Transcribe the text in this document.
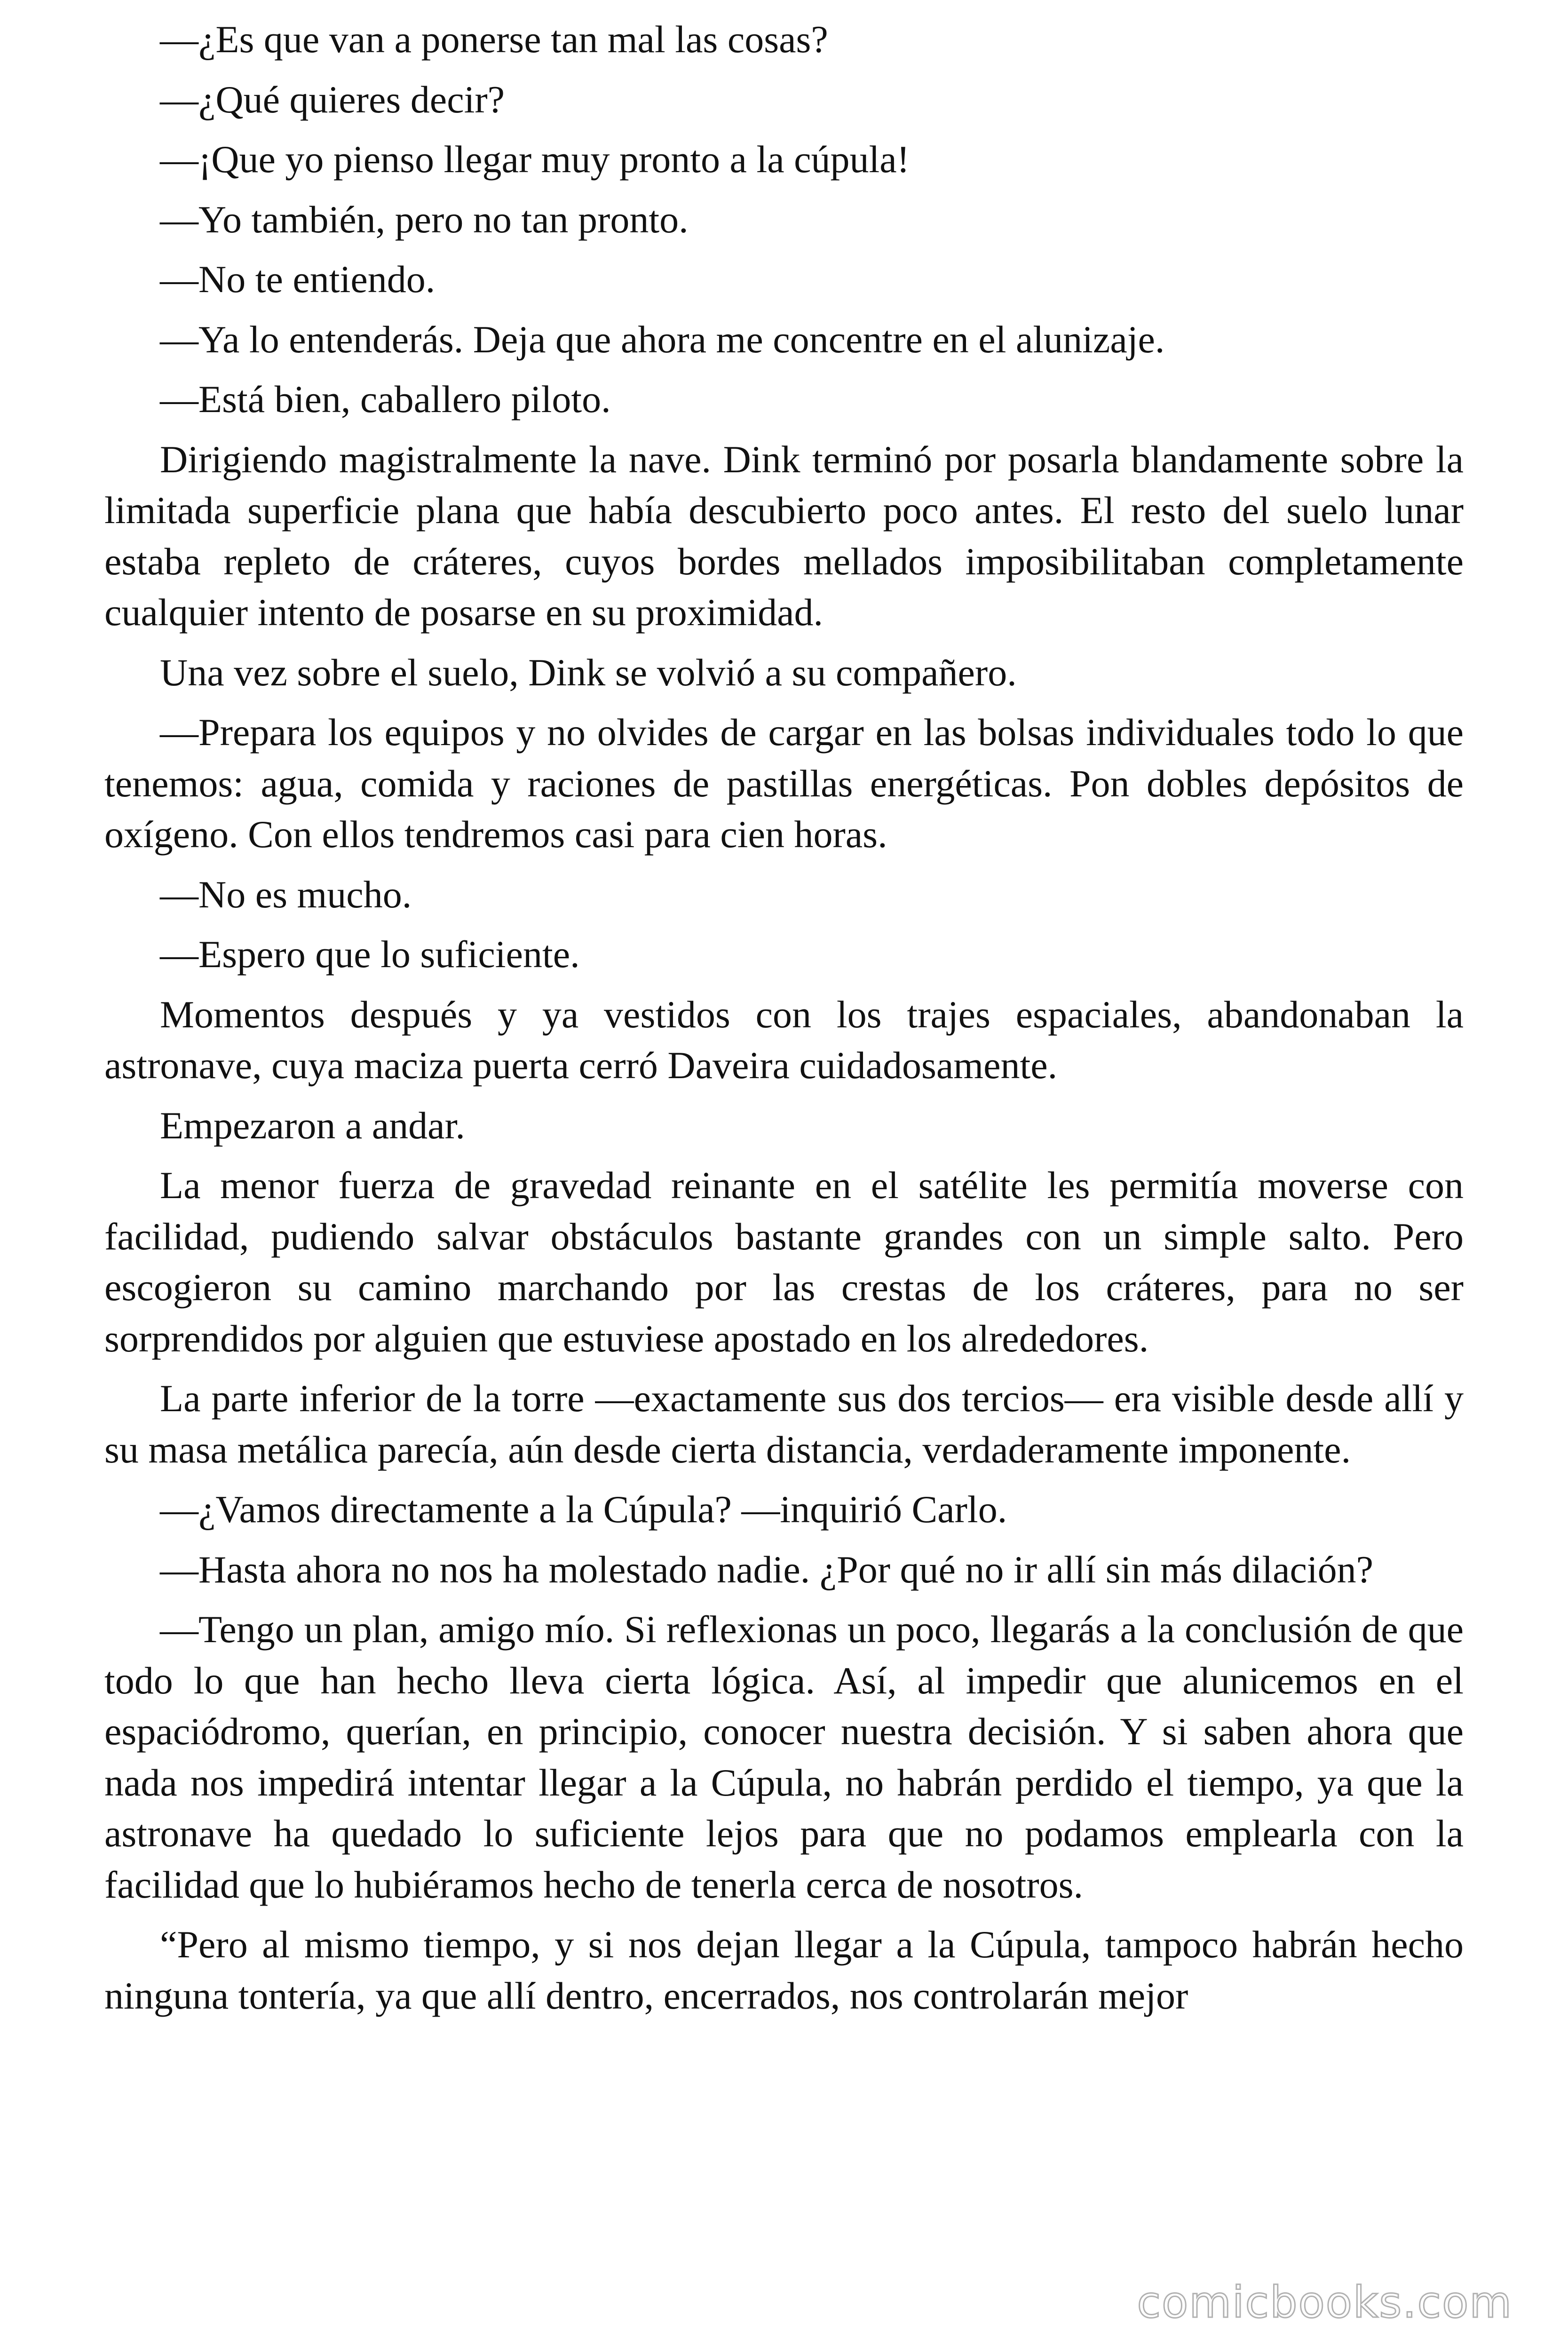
—¿Es que van a ponerse tan mal las cosas?

—¿Qué quieres decir?

—¡Que yo pienso llegar muy pronto a la cúpula!

—Yo también, pero no tan pronto.

—No te entiendo.

—Ya lo entenderás. Deja que ahora me concentre en el alunizaje.

—Está bien, caballero piloto.

Dirigiendo magistralmente la nave. Dink terminó por posarla blandamente sobre la limitada superficie plana que había descubierto poco antes. El resto del suelo lunar estaba repleto de cráteres, cuyos bordes mellados imposibilitaban completamente cualquier intento de posarse en su proximidad.

Una vez sobre el suelo, Dink se volvió a su compañero.

—Prepara los equipos y no olvides de cargar en las bolsas individuales todo lo que tenemos: agua, comida y raciones de pastillas energéticas. Pon dobles depósitos de oxígeno. Con ellos tendremos casi para cien horas.

—No es mucho.

—Espero que lo suficiente.

Momentos después y ya vestidos con los trajes espaciales, abandonaban la astronave, cuya maciza puerta cerró Daveira cuidadosamente.

Empezaron a andar.

La menor fuerza de gravedad reinante en el satélite les permitía moverse con facilidad, pudiendo salvar obstáculos bastante grandes con un simple salto. Pero escogieron su camino marchando por las crestas de los cráteres, para no ser sorprendidos por alguien que estuviese apostado en los alrededores.

La parte inferior de la torre —exactamente sus dos tercios— era visible desde allí y su masa metálica parecía, aún desde cierta distancia, verdaderamente imponente.

—¿Vamos directamente a la Cúpula? —inquirió Carlo.

—Hasta ahora no nos ha molestado nadie. ¿Por qué no ir allí sin más dilación?

—Tengo un plan, amigo mío. Si reflexionas un poco, llegarás a la conclusión de que todo lo que han hecho lleva cierta lógica. Así, al impedir que alunicemos en el espaciódromo, querían, en principio, conocer nuestra decisión. Y si saben ahora que nada nos impedirá intentar llegar a la Cúpula, no habrán perdido el tiempo, ya que la astronave ha quedado lo suficiente lejos para que no podamos emplearla con la facilidad que lo hubiéramos hecho de tenerla cerca de nosotros.

“Pero al mismo tiempo, y si nos dejan llegar a la Cúpula, tampoco habrán hecho ninguna tontería, ya que allí dentro, encerrados, nos controlarán mejor

comicbooks.com
